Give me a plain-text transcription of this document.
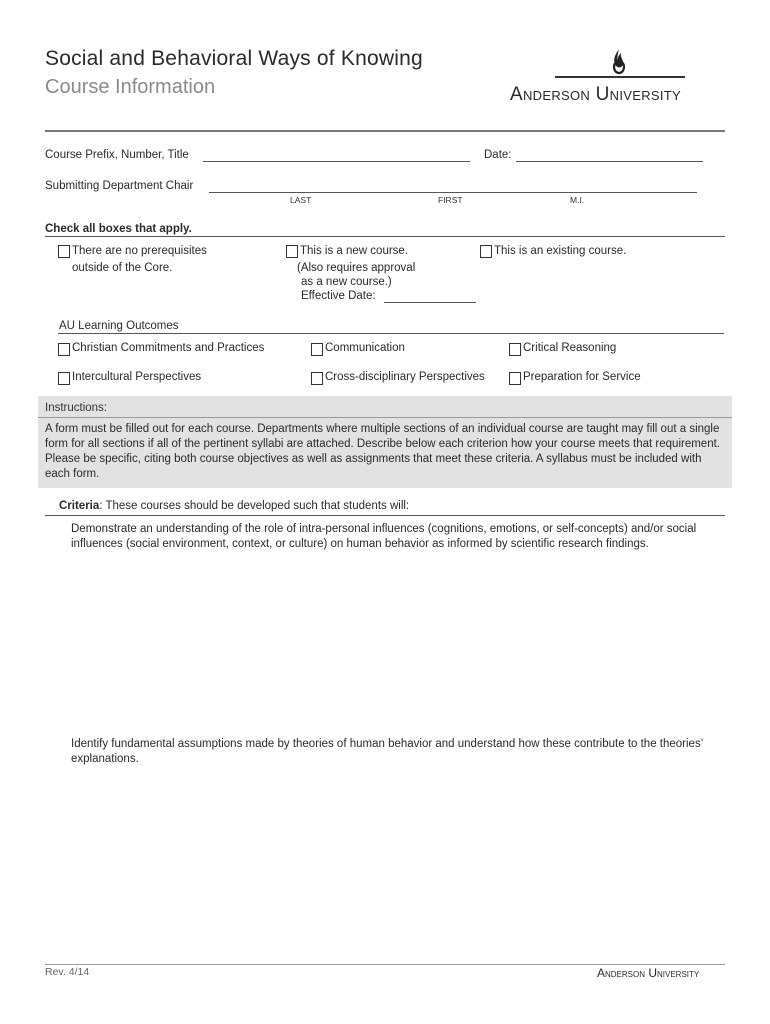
Social and Behavioral Ways of Knowing
Course Information	Anderson University
Course Prefix, Number, Title	Date:
Submitting Department Chair
LAST	FIRST	M.I.
Check all boxes that apply.
There are no prerequisites
outside of the Core.
This is a new course.
(Also requires approval
as a new course.)
Effective Date:
This is an existing course.
AU Learning Outcomes
Christian Commitments and Practices	Communication	Critical Reasoning
Intercultural Perspectives	Cross-disciplinary Perspectives	Preparation for Service
Instructions:
A form must be filled out for each course. Departments where multiple sections of an individual course are taught may fill out a single form for all sections if all of the pertinent syllabi are attached. Describe below each criterion how your course meets that requirement. Please be specific, citing both course objectives as well as assignments that meet these criteria. A syllabus must be included with each form.
Criteria: These courses should be developed such that students will:
Demonstrate an understanding of the role of intra-personal influences (cognitions, emotions, or self-concepts) and/or social influences (social environment, context, or culture) on human behavior as informed by scientific research findings.
Identify fundamental assumptions made by theories of human behavior and understand how these contribute to the theories’ explanations.
Rev. 4/14	Anderson University
